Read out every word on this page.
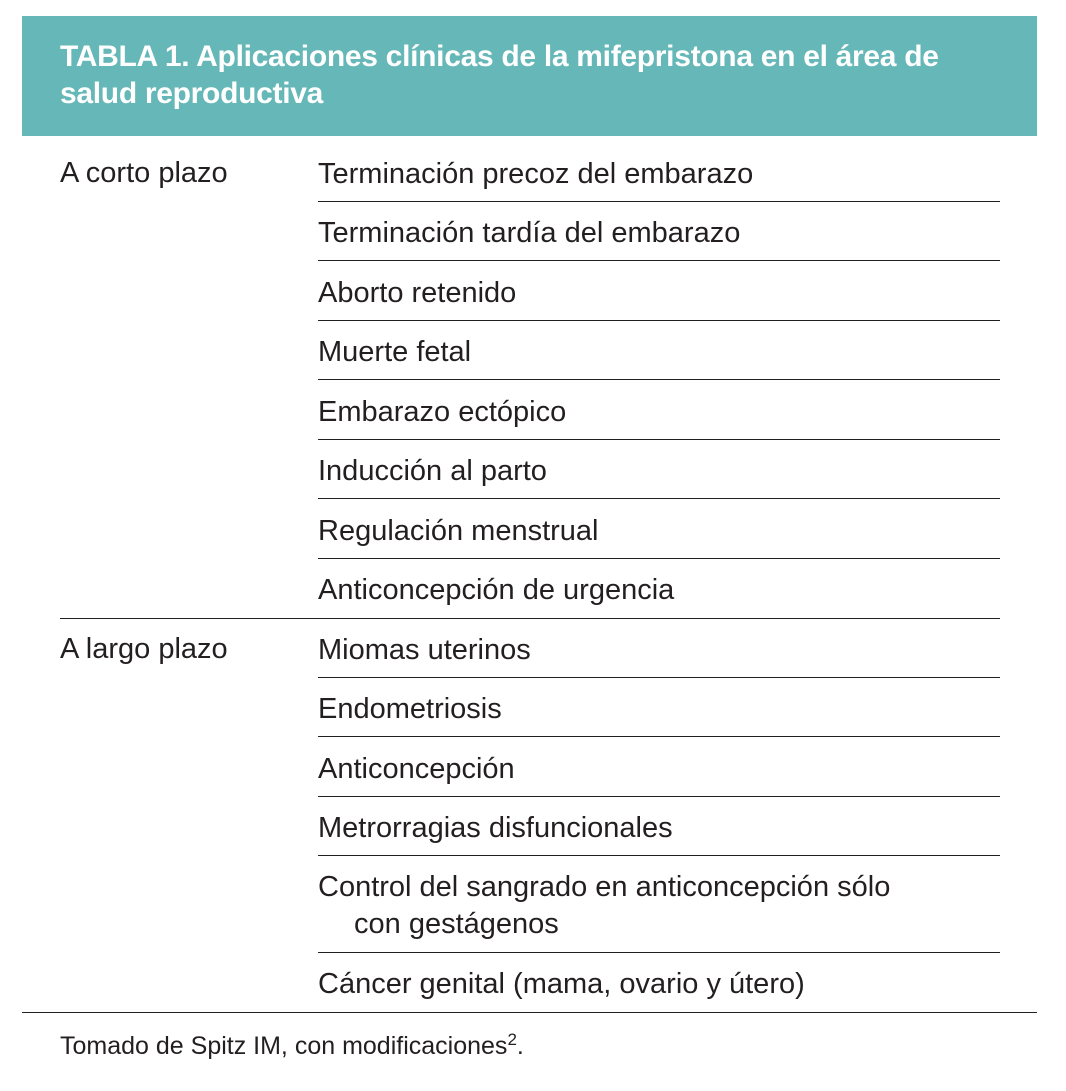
TABLA 1. Aplicaciones clínicas de la mifepristona en el área de
salud reproductiva
A corto plazo	Terminación precoz del embarazo
Terminación tardía del embarazo
Aborto retenido
Muerte fetal
Embarazo ectópico
Inducción al parto
Regulación menstrual
Anticoncepción de urgencia
A largo plazo	Miomas uterinos
Endometriosis
Anticoncepción
Metrorragias disfuncionales
Control del sangrado en anticoncepción sólo
con gestágenos
Cáncer genital (mama, ovario y útero)
Tomado de Spitz IM, con modificaciones$^2$.
